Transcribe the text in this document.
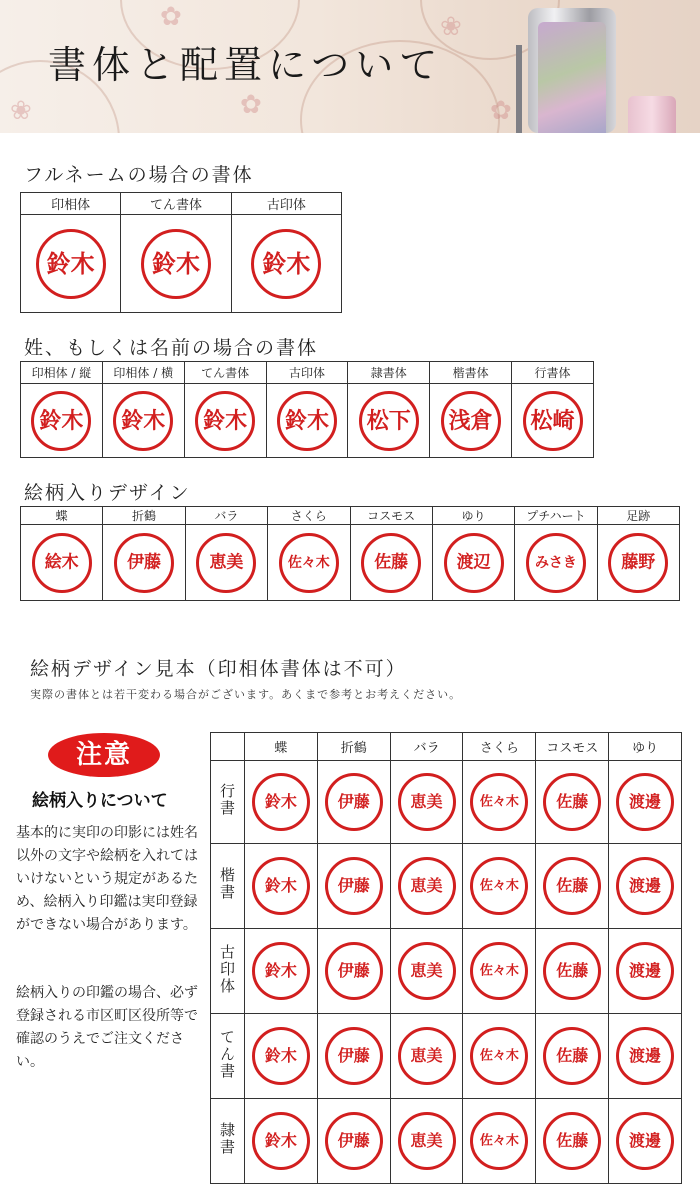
✿
✿
❀
❀	✿
書体と配置について
フルネームの場合の書体
印相体	てん書体	古印体

鈴木	鈴木	鈴木
姓、もしくは名前の場合の書体
印相体 / 縦	印相体 / 横	てん書体	古印体	隷書体	楷書体	行書体

鈴木	鈴木	鈴木	鈴木	松下	浅倉	松崎
絵柄入りデザイン
蝶	折鶴	バラ	さくら	コスモス	ゆり	プチハート	足跡

絵木	伊藤	恵美	佐々木	佐藤	渡辺	みさき	藤野
絵柄デザイン見本（印相体書体は不可）
実際の書体とは若干変わる場合がございます。あくまで参考とお考えください。
注意
絵柄入りについて
基本的に実印の印影には姓名以外の文字や絵柄を入れてはいけないという規定があるため、絵柄入り印鑑は実印登録ができない場合があります。
絵柄入りの印鑑の場合、必ず登録される市区町区役所等で確認のうえでご注文ください。
	蝶	折鶴	バラ	さくら	コスモス	ゆり
行書	鈴木	伊藤	恵美	佐々木	佐藤	渡邊

楷書	鈴木	伊藤	恵美	佐々木	佐藤	渡邊

古印体	鈴木	伊藤	恵美	佐々木	佐藤	渡邊

てん書	鈴木	伊藤	恵美	佐々木	佐藤	渡邊

隷書	鈴木	伊藤	恵美	佐々木	佐藤	渡邊
